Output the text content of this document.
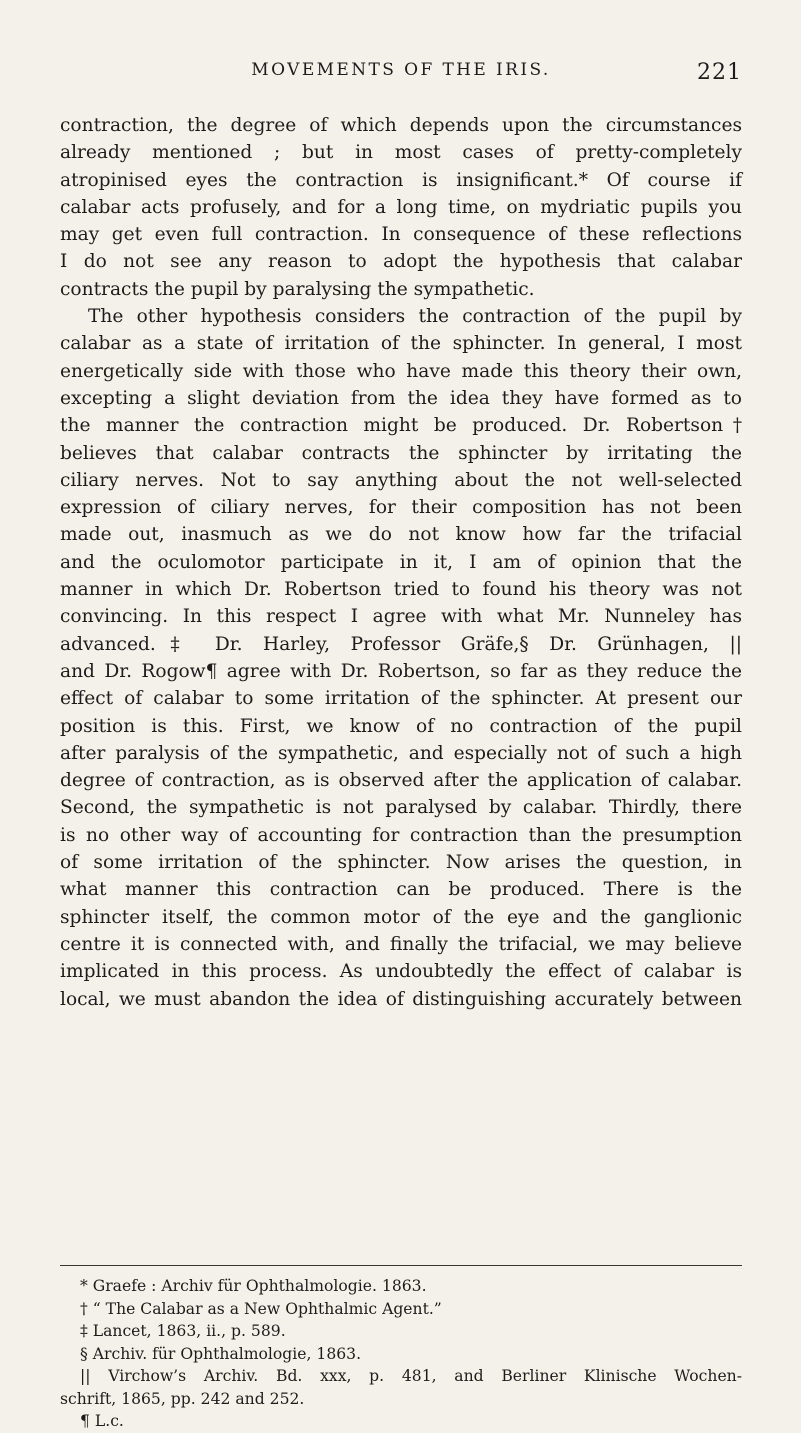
MOVEMENTS OF THE IRIS.	221
contraction, the degree of which depends upon the circumstances
already mentioned ; but in most cases of pretty-completely
atropinised eyes the contraction is insignificant.* Of course if
calabar acts profusely, and for a long time, on mydriatic pupils you
may get even full contraction. In consequence of these reflections
I do not see any reason to adopt the hypothesis that calabar
contracts the pupil by paralysing the sympathetic.
The other hypothesis considers the contraction of the pupil by
calabar as a state of irritation of the sphincter. In general, I most
energetically side with those who have made this theory their own,
excepting a slight deviation from the idea they have formed as to
the manner the contraction might be produced. Dr. Robertson†
believes that calabar contracts the sphincter by irritating the
ciliary nerves. Not to say anything about the not well-selected
expression of ciliary nerves, for their composition has not been
made out, inasmuch as we do not know how far the trifacial
and the oculomotor participate in it, I am of opinion that the
manner in which Dr. Robertson tried to found his theory was not
convincing. In this respect I agree with what Mr. Nunneley has
advanced.‡ Dr. Harley, Professor Gräfe,§ Dr. Grünhagen, ||
and Dr. Rogow¶ agree with Dr. Robertson, so far as they reduce the
effect of calabar to some irritation of the sphincter. At present our
position is this. First, we know of no contraction of the pupil
after paralysis of the sympathetic, and especially not of such a high
degree of contraction, as is observed after the application of calabar.
Second, the sympathetic is not paralysed by calabar. Thirdly, there
is no other way of accounting for contraction than the presumption
of some irritation of the sphincter. Now arises the question, in
what manner this contraction can be produced. There is the
sphincter itself, the common motor of the eye and the ganglionic
centre it is connected with, and finally the trifacial, we may believe
implicated in this process. As undoubtedly the effect of calabar is
local, we must abandon the idea of distinguishing accurately between
* Graefe : Archiv für Ophthalmologie. 1863.
† “ The Calabar as a New Ophthalmic Agent.”
‡ Lancet, 1863, ii., p. 589.
§ Archiv. für Ophthalmologie, 1863.
|| Virchow’s Archiv. Bd. xxx, p. 481, and Berliner Klinische Wochen-
schrift, 1865, pp. 242 and 252.
¶ L.c.
